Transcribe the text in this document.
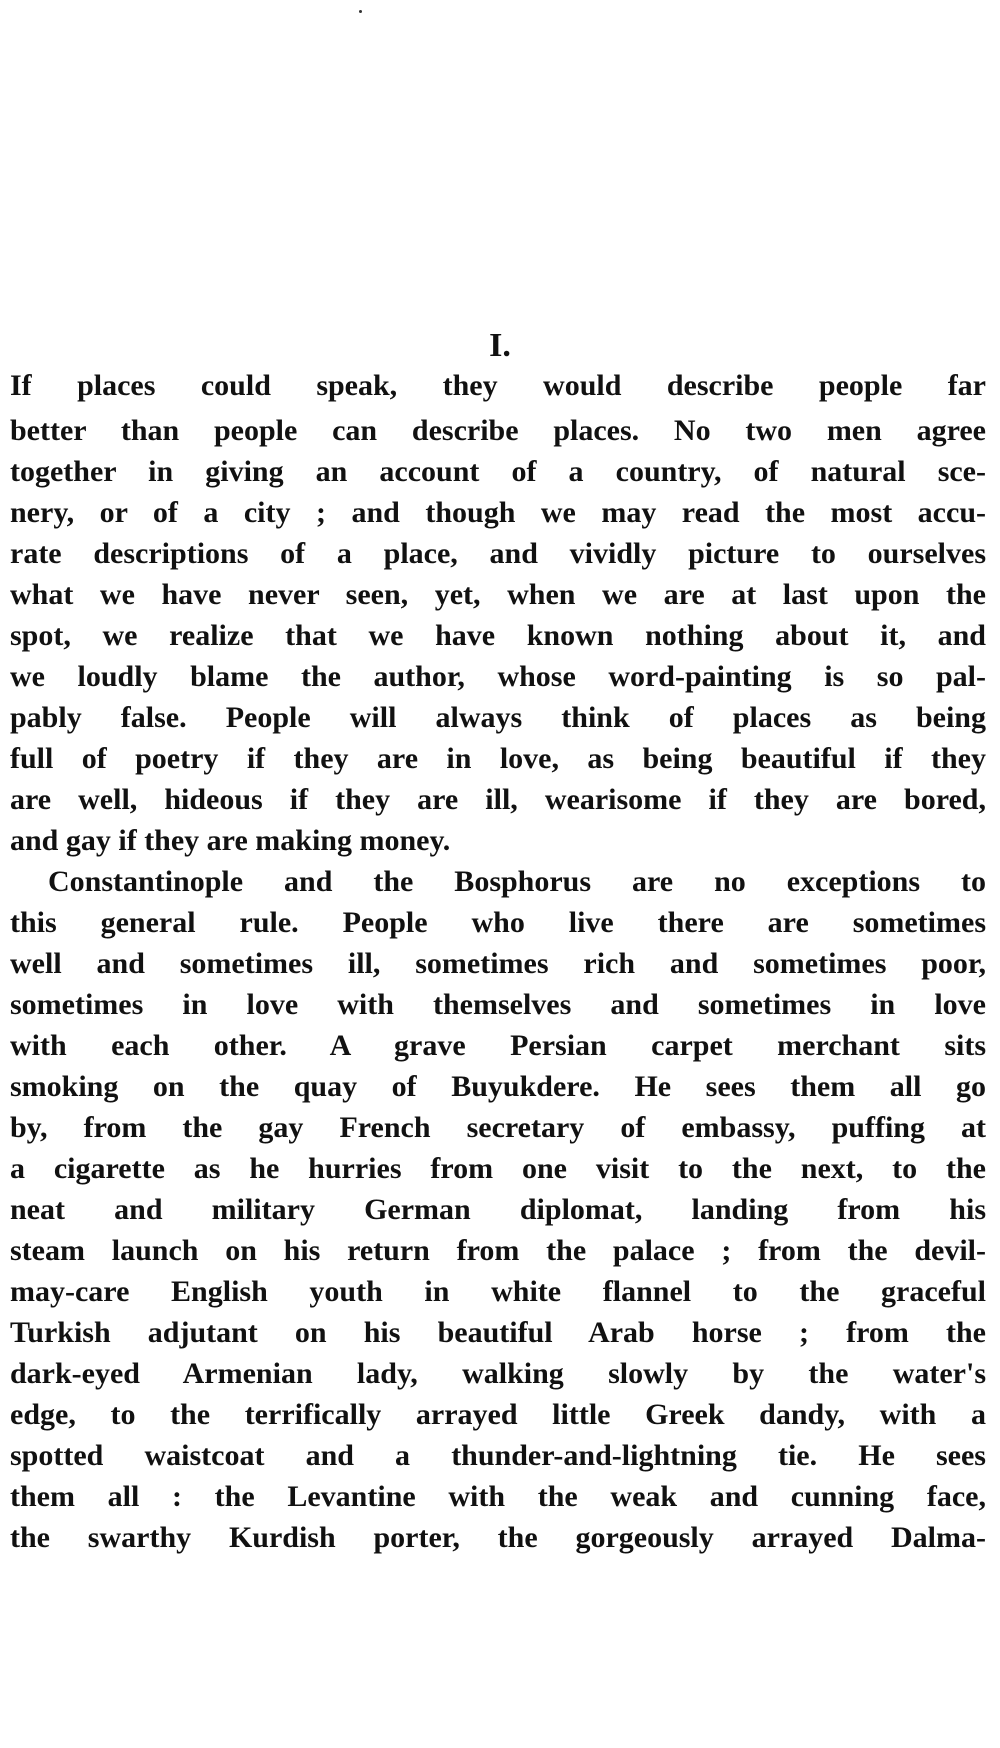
I.
If places could speak, they would describe people far
better than people can describe places. No two men agree
together in giving an account of a country, of natural sce-
nery, or of a city ; and though we may read the most accu-
rate descriptions of a place, and vividly picture to ourselves
what we have never seen, yet, when we are at last upon the
spot, we realize that we have known nothing about it, and
we loudly blame the author, whose word-painting is so pal-
pably false. People will always think of places as being
full of poetry if they are in love, as being beautiful if they
are well, hideous if they are ill, wearisome if they are bored,
and gay if they are making money.
Constantinople and the Bosphorus are no exceptions to
this general rule. People who live there are sometimes
well and sometimes ill, sometimes rich and sometimes poor,
sometimes in love with themselves and sometimes in love
with each other. A grave Persian carpet merchant sits
smoking on the quay of Buyukdere. He sees them all go
by, from the gay French secretary of embassy, puffing at
a cigarette as he hurries from one visit to the next, to the
neat and military German diplomat, landing from his
steam launch on his return from the palace ; from the devil-
may-care English youth in white flannel to the graceful
Turkish adjutant on his beautiful Arab horse ; from the
dark-eyed Armenian lady, walking slowly by the water's
edge, to the terrifically arrayed little Greek dandy, with a
spotted waistcoat and a thunder-and-lightning tie. He sees
them all : the Levantine with the weak and cunning face,
the swarthy Kurdish porter, the gorgeously arrayed Dalma-
